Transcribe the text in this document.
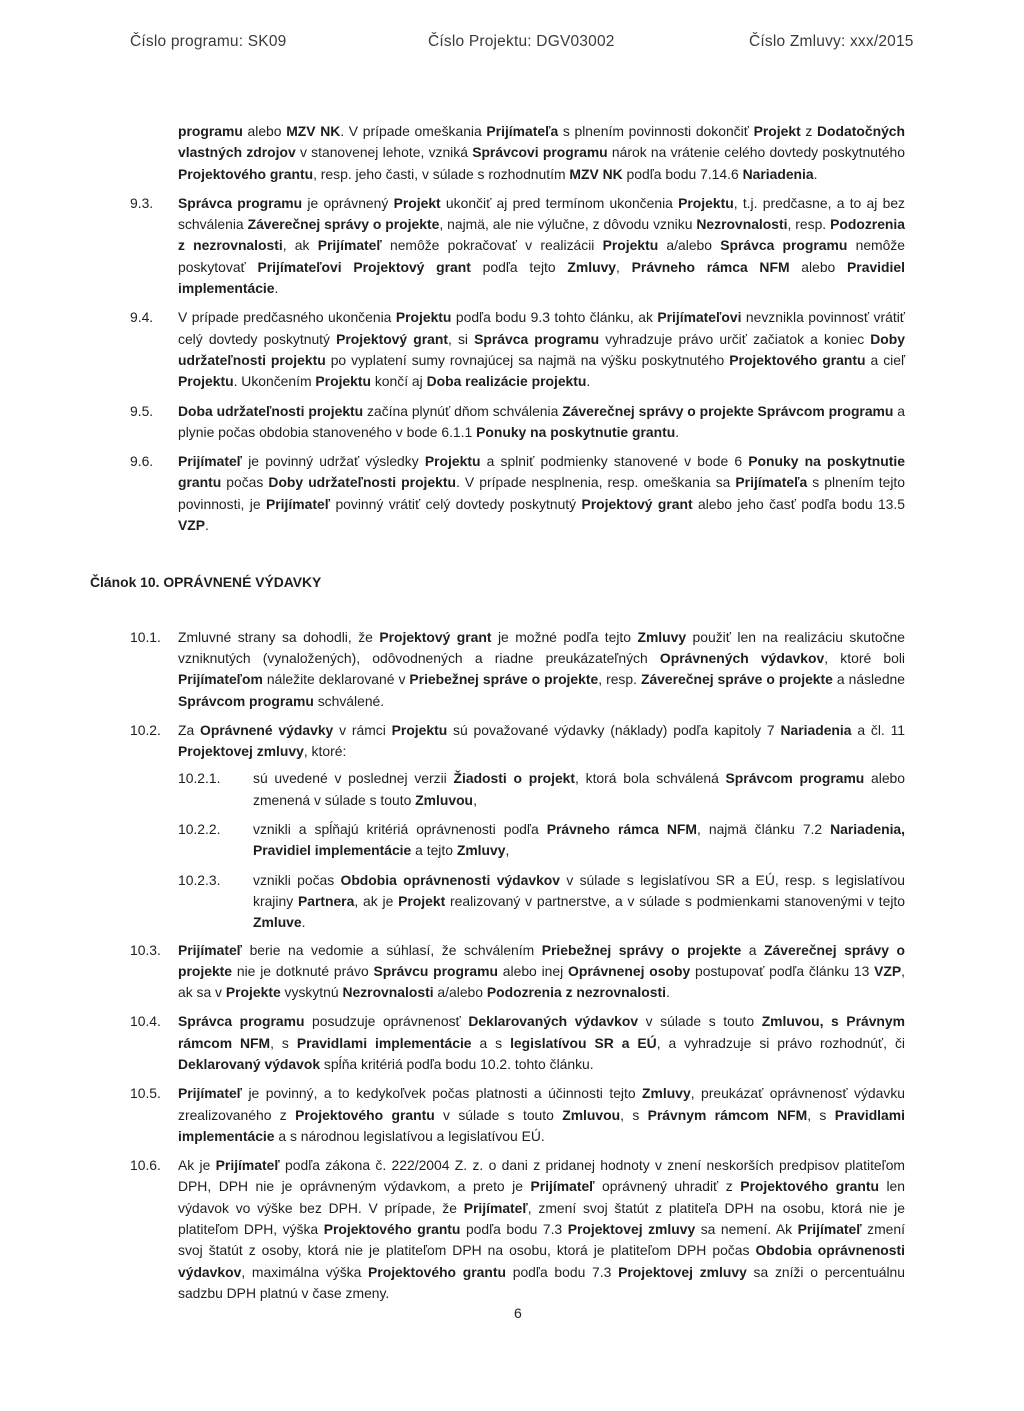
Číslo programu: SK09	Číslo Projektu: DGV03002	Číslo Zmluvy: xxx/2015

programu alebo MZV NK. V prípade omeškania Prijímateľa s plnením povinnosti dokončiť Projekt z Dodatočných vlastných zdrojov v stanovenej lehote, vzniká Správcovi programu nárok na vrátenie celého dovtedy poskytnutého Projektového grantu, resp. jeho časti, v súlade s rozhodnutím MZV NK podľa bodu 7.14.6 Nariadenia.

9.3.	Správca programu je oprávnený Projekt ukončiť aj pred termínom ukončenia Projektu, t.j. predčasne, a to aj bez schválenia Záverečnej správy o projekte, najmä, ale nie výlučne, z dôvodu vzniku Nezrovnalosti, resp. Podozrenia z nezrovnalosti, ak Prijímateľ nemôže pokračovať v realizácii Projektu a/alebo Správca programu nemôže poskytovať Prijímateľovi Projektový grant podľa tejto Zmluvy, Právneho rámca NFM alebo Pravidiel implementácie.
9.4.	V prípade predčasného ukončenia Projektu podľa bodu 9.3 tohto článku, ak Prijímateľovi nevznikla povinnosť vrátiť celý dovtedy poskytnutý Projektový grant, si Správca programu vyhradzuje právo určiť začiatok a koniec Doby udržateľnosti projektu po vyplatení sumy rovnajúcej sa najmä na výšku poskytnutého Projektového grantu a cieľ Projektu. Ukončením Projektu končí aj Doba realizácie projektu.
9.5.	Doba udržateľnosti projektu začína plynúť dňom schválenia Záverečnej správy o projekte Správcom programu a plynie počas obdobia stanoveného v bode 6.1.1 Ponuky na poskytnutie grantu.
9.6.	Prijímateľ je povinný udržať výsledky Projektu a splniť podmienky stanovené v bode 6 Ponuky na poskytnutie grantu počas Doby udržateľnosti projektu. V prípade nesplnenia, resp. omeškania sa Prijímateľa s plnením tejto povinnosti, je Prijímateľ povinný vrátiť celý dovtedy poskytnutý Projektový grant alebo jeho časť podľa bodu 13.5 VZP.

Článok 10. OPRÁVNENÉ VÝDAVKY

10.1.	Zmluvné strany sa dohodli, že Projektový grant je možné podľa tejto Zmluvy použiť len na realizáciu skutočne vzniknutých (vynaložených), odôvodnených a riadne preukázateľných Oprávnených výdavkov, ktoré boli Prijímateľom náležite deklarované v Priebežnej správe o projekte, resp. Záverečnej správe o projekte a následne Správcom programu schválené.
10.2.	Za Oprávnené výdavky v rámci Projektu sú považované výdavky (náklady) podľa kapitoly 7 Nariadenia a čl. 11 Projektovej zmluvy, ktoré:
10.2.1.	sú uvedené v poslednej verzii Žiadosti o projekt, ktorá bola schválená Správcom programu alebo zmenená v súlade s touto Zmluvou,
10.2.2.	vznikli a spĺňajú kritériá oprávnenosti podľa Právneho rámca NFM, najmä článku 7.2 Nariadenia, Pravidiel implementácie a tejto Zmluvy,
10.2.3.	vznikli počas Obdobia oprávnenosti výdavkov v súlade s legislatívou SR a EÚ, resp. s legislatívou krajiny Partnera, ak je Projekt realizovaný v partnerstve, a v súlade s podmienkami stanovenými v tejto Zmluve.
10.3.	Prijímateľ berie na vedomie a súhlasí, že schválením Priebežnej správy o projekte a Záverečnej správy o projekte nie je dotknuté právo Správcu programu alebo inej Oprávnenej osoby postupovať podľa článku 13 VZP, ak sa v Projekte vyskytnú Nezrovnalosti a/alebo Podozrenia z nezrovnalosti.
10.4.	Správca programu posudzuje oprávnenosť Deklarovaných výdavkov v súlade s touto Zmluvou, s Právnym rámcom NFM, s Pravidlami implementácie a s legislatívou SR a EÚ, a vyhradzuje si právo rozhodnúť, či Deklarovaný výdavok spĺňa kritériá podľa bodu 10.2. tohto článku.
10.5.	Prijímateľ je povinný, a to kedykoľvek počas platnosti a účinnosti tejto Zmluvy, preukázať oprávnenosť výdavku zrealizovaného z Projektového grantu v súlade s touto Zmluvou, s Právnym rámcom NFM, s Pravidlami implementácie a s národnou legislatívou a legislatívou EÚ.
10.6.	Ak je Prijímateľ podľa zákona č. 222/2004 Z. z. o dani z pridanej hodnoty v znení neskorších predpisov platiteľom DPH, DPH nie je oprávneným výdavkom, a preto je Prijímateľ oprávnený uhradiť z Projektového grantu len výdavok vo výške bez DPH. V prípade, že Prijímateľ, zmení svoj štatút z platiteľa DPH na osobu, ktorá nie je platiteľom DPH, výška Projektového grantu podľa bodu 7.3 Projektovej zmluvy sa nemení. Ak Prijímateľ zmení svoj štatút z osoby, ktorá nie je platiteľom DPH na osobu, ktorá je platiteľom DPH počas Obdobia oprávnenosti výdavkov, maximálna výška Projektového grantu podľa bodu 7.3 Projektovej zmluvy sa zníži o percentuálnu sadzbu DPH platnú v čase zmeny.
6
